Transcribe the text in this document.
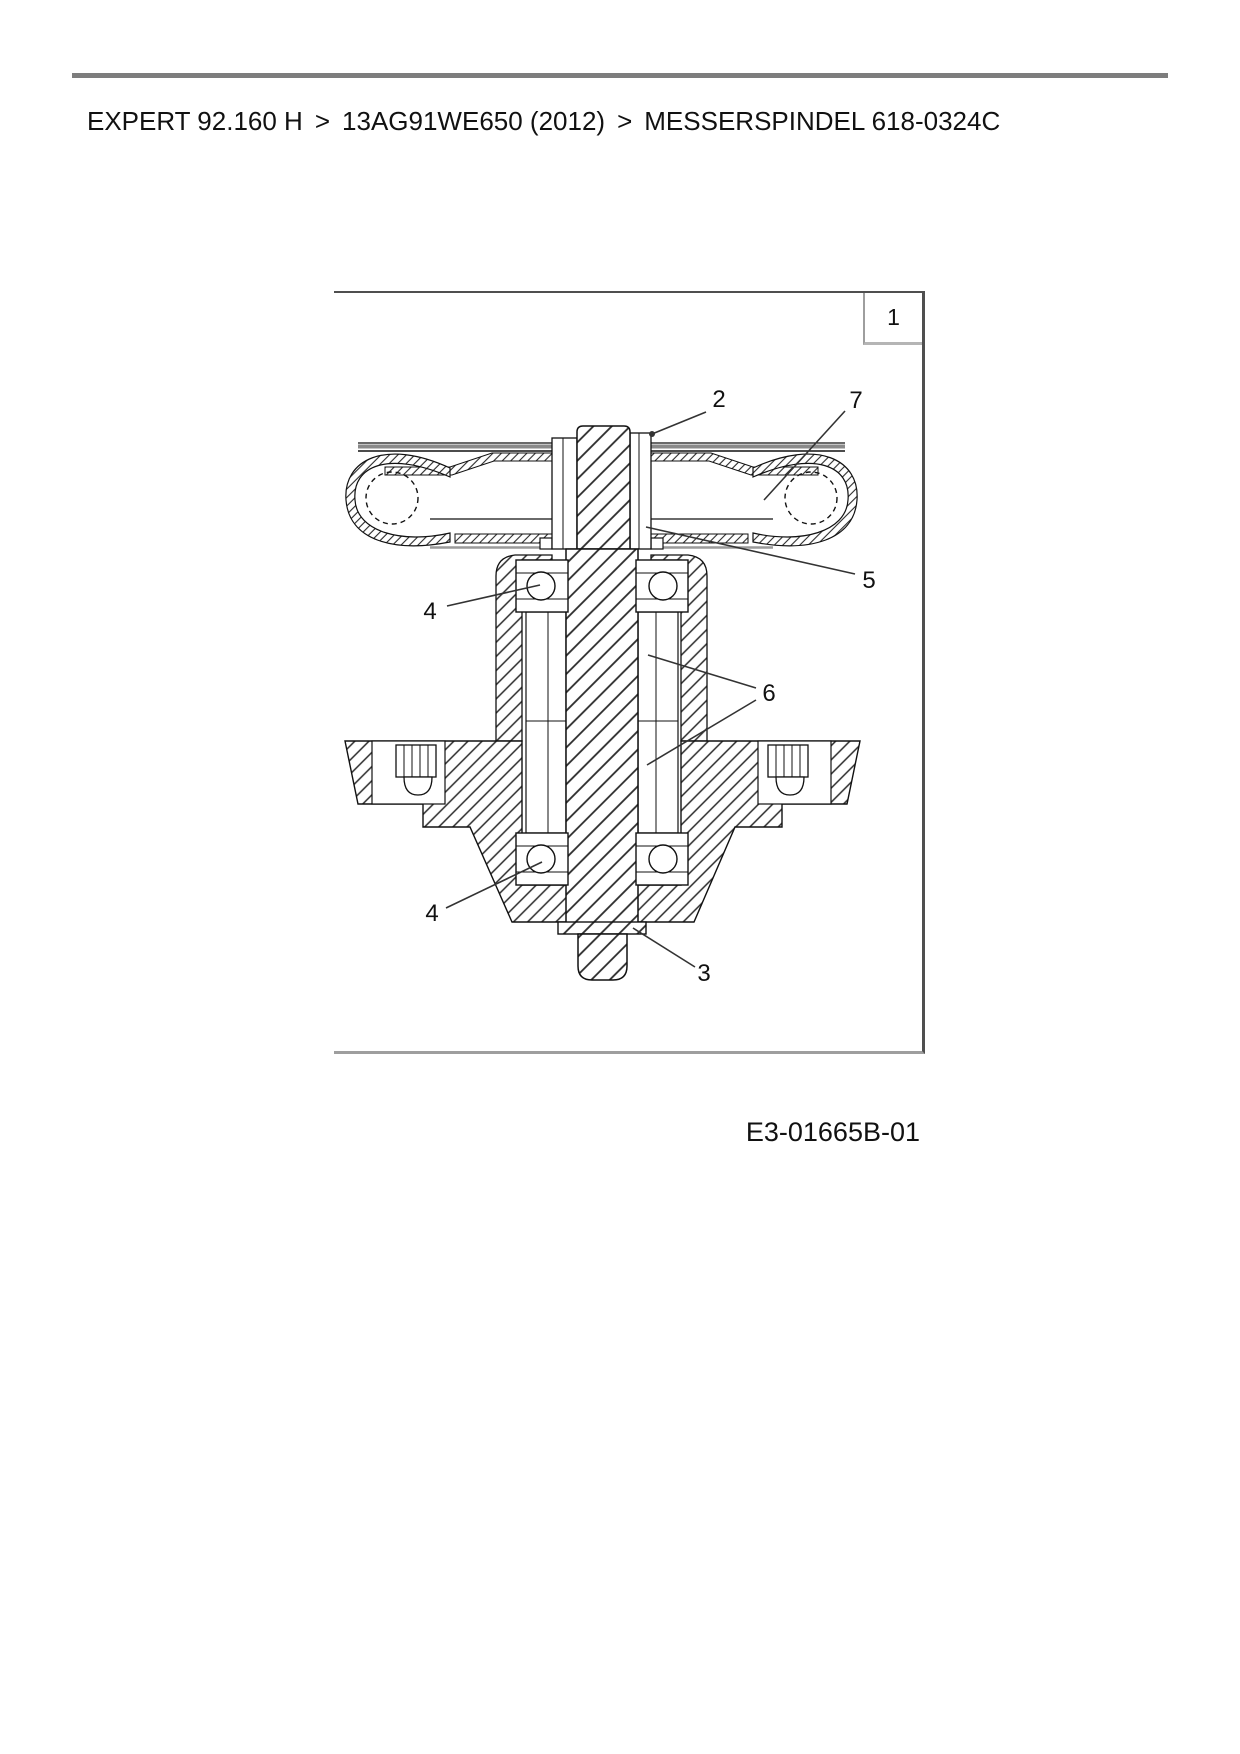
EXPERT 92.160 H > 13AG91WE650 (2012) > MESSERSPINDEL 618-0324C
1
2	7
5
4
6
4
3
E3-01665B-01
